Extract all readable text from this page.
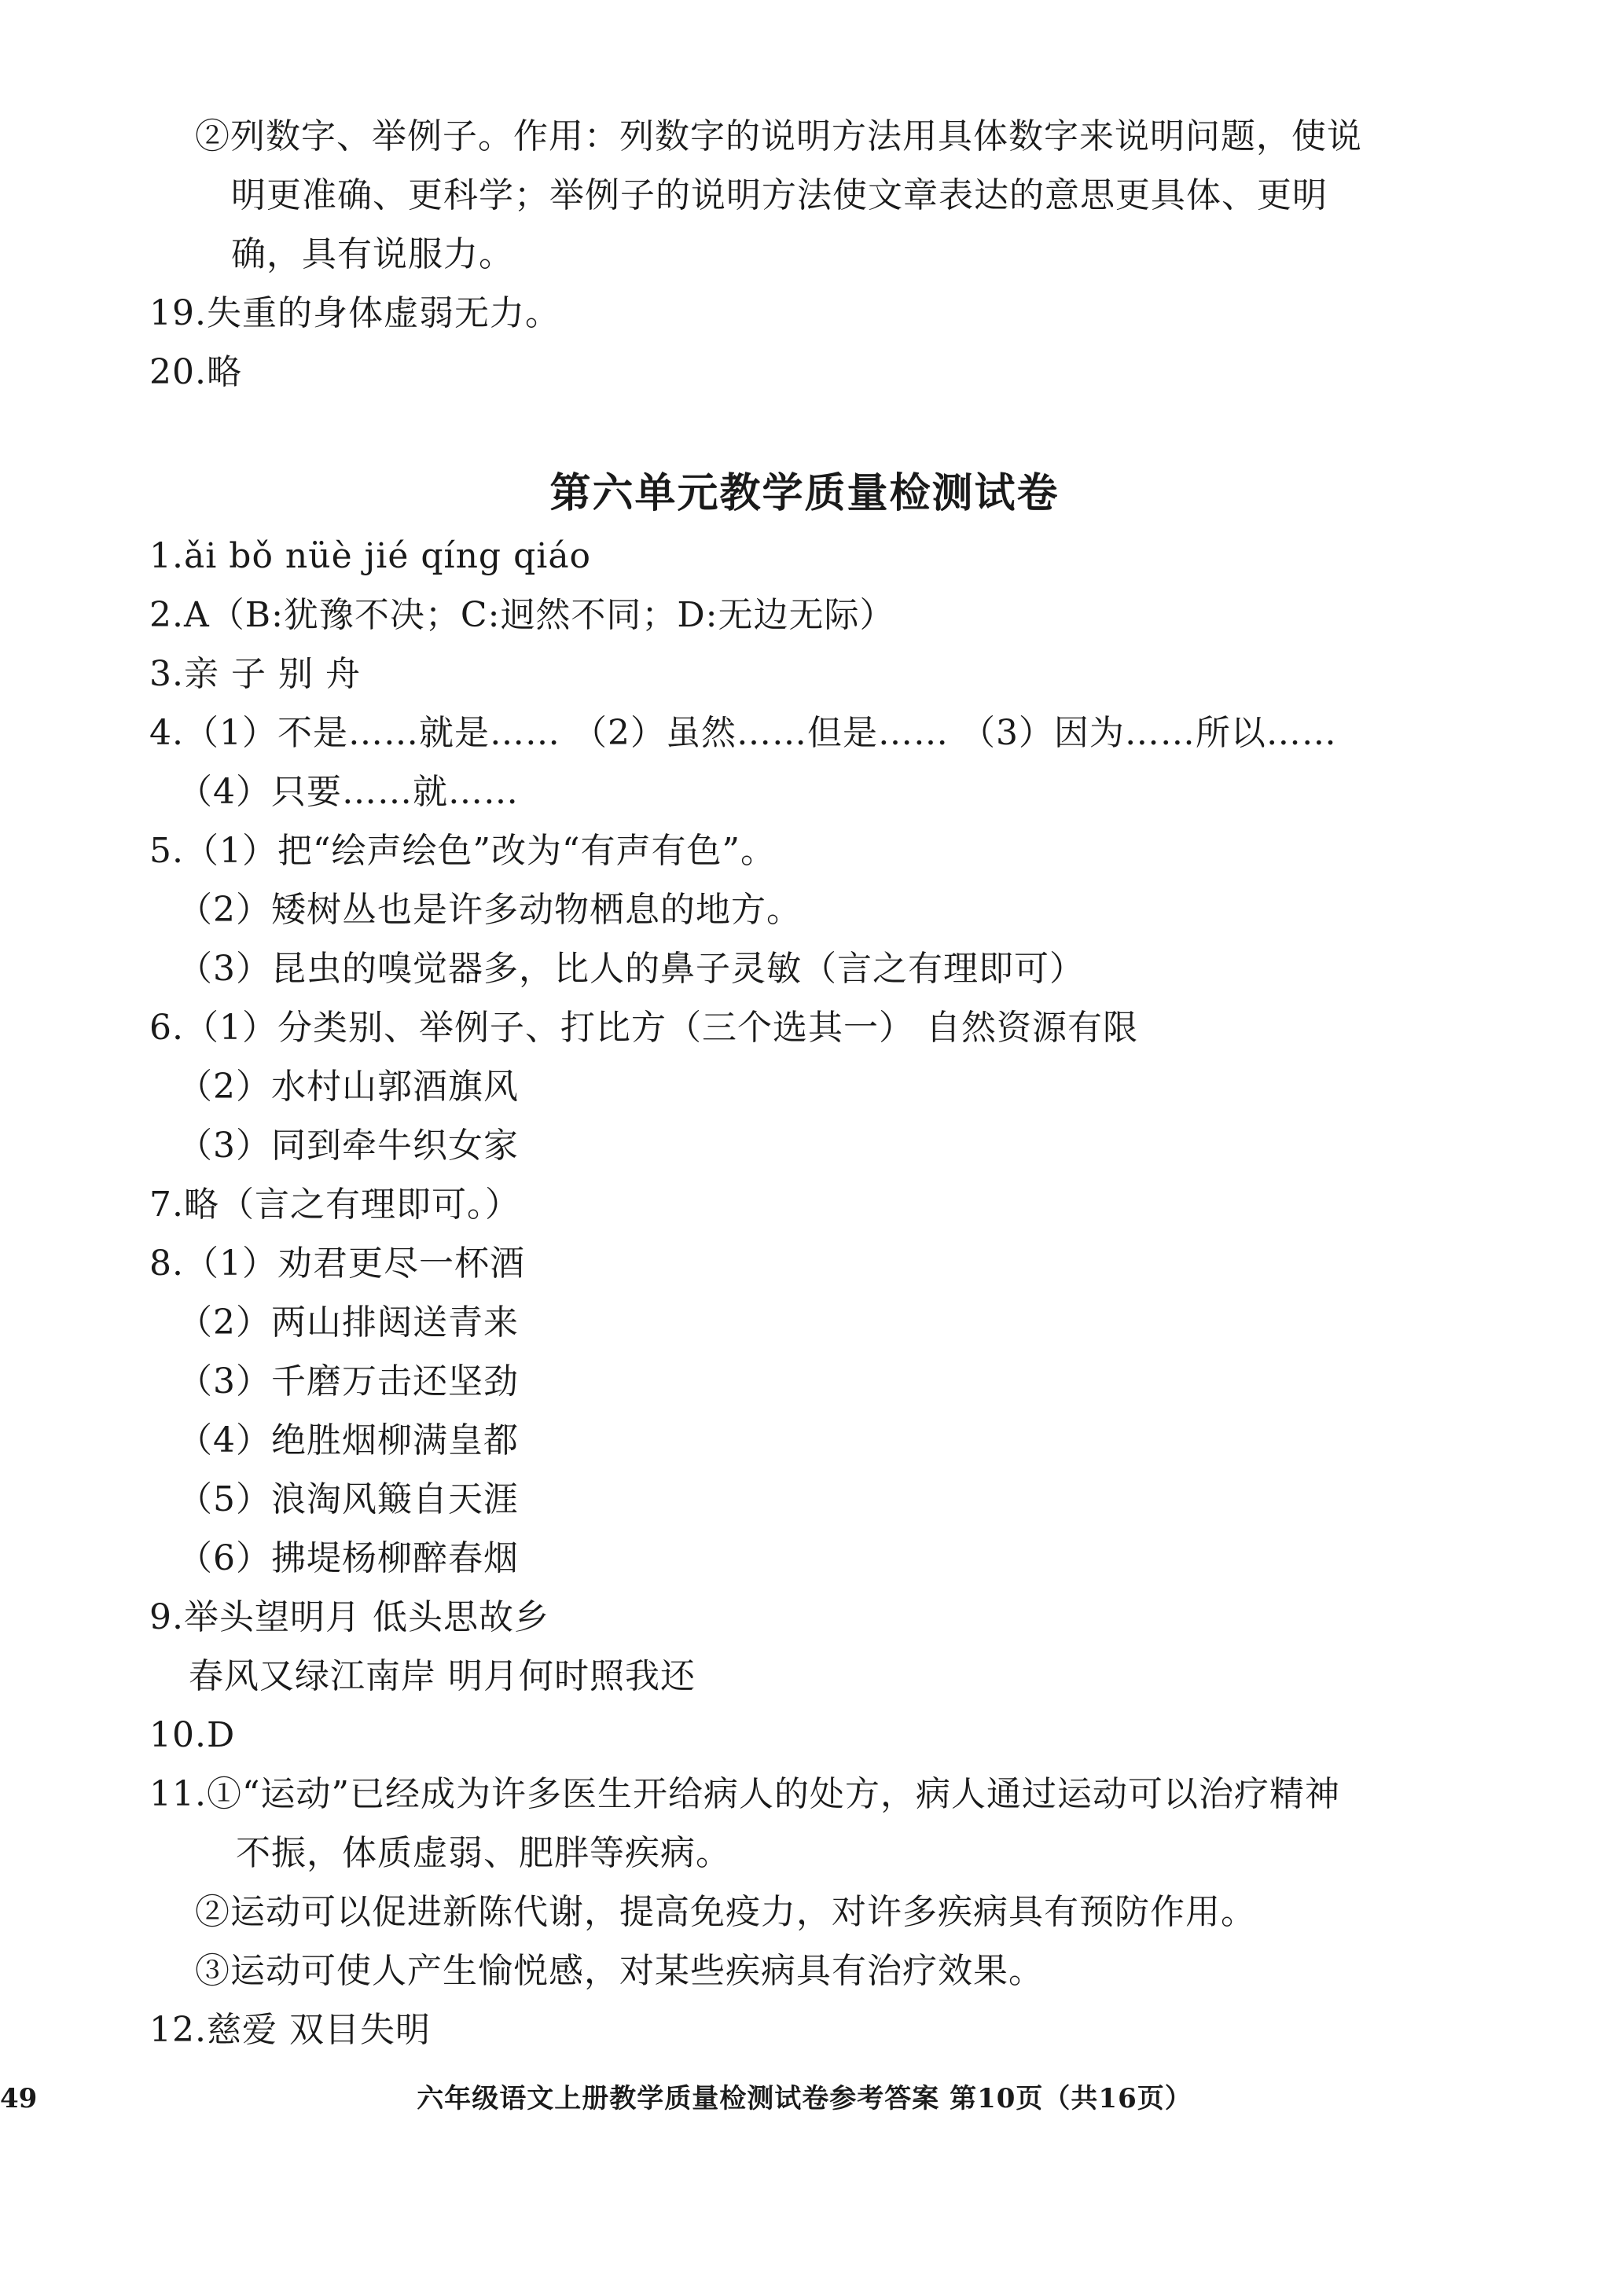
②列数字、举例子。作用：列数字的说明方法用具体数字来说明问题，使说
明更准确、更科学；举例子的说明方法使文章表达的意思更具体、更明
确，具有说服力。
19.失重的身体虚弱无力。
20.略
第六单元教学质量检测试卷
1.ǎi bǒ nüè jié qíng qiáo
2.A（B:犹豫不决；C:迥然不同；D:无边无际）
3.亲 子 别 舟
4.（1）不是……就是…… （2）虽然……但是…… （3）因为……所以……
（4）只要……就……
5.（1）把“绘声绘色”改为“有声有色”。
（2）矮树丛也是许多动物栖息的地方。
（3）昆虫的嗅觉器多，比人的鼻子灵敏（言之有理即可）
6.（1）分类别、举例子、打比方（三个选其一） 自然资源有限
（2）水村山郭酒旗风
（3）同到牵牛织女家
7.略（言之有理即可。）
8.（1）劝君更尽一杯酒
（2）两山排闼送青来
（3）千磨万击还坚劲
（4）绝胜烟柳满皇都
（5）浪淘风簸自天涯
（6）拂堤杨柳醉春烟
9.举头望明月 低头思故乡
春风又绿江南岸 明月何时照我还
10.D
11.①“运动”已经成为许多医生开给病人的处方，病人通过运动可以治疗精神
不振，体质虚弱、肥胖等疾病。
②运动可以促进新陈代谢，提高免疫力，对许多疾病具有预防作用。
③运动可使人产生愉悦感，对某些疾病具有治疗效果。
12.慈爱 双目失明
49	六年级语文上册教学质量检测试卷参考答案 第10页（共16页）
